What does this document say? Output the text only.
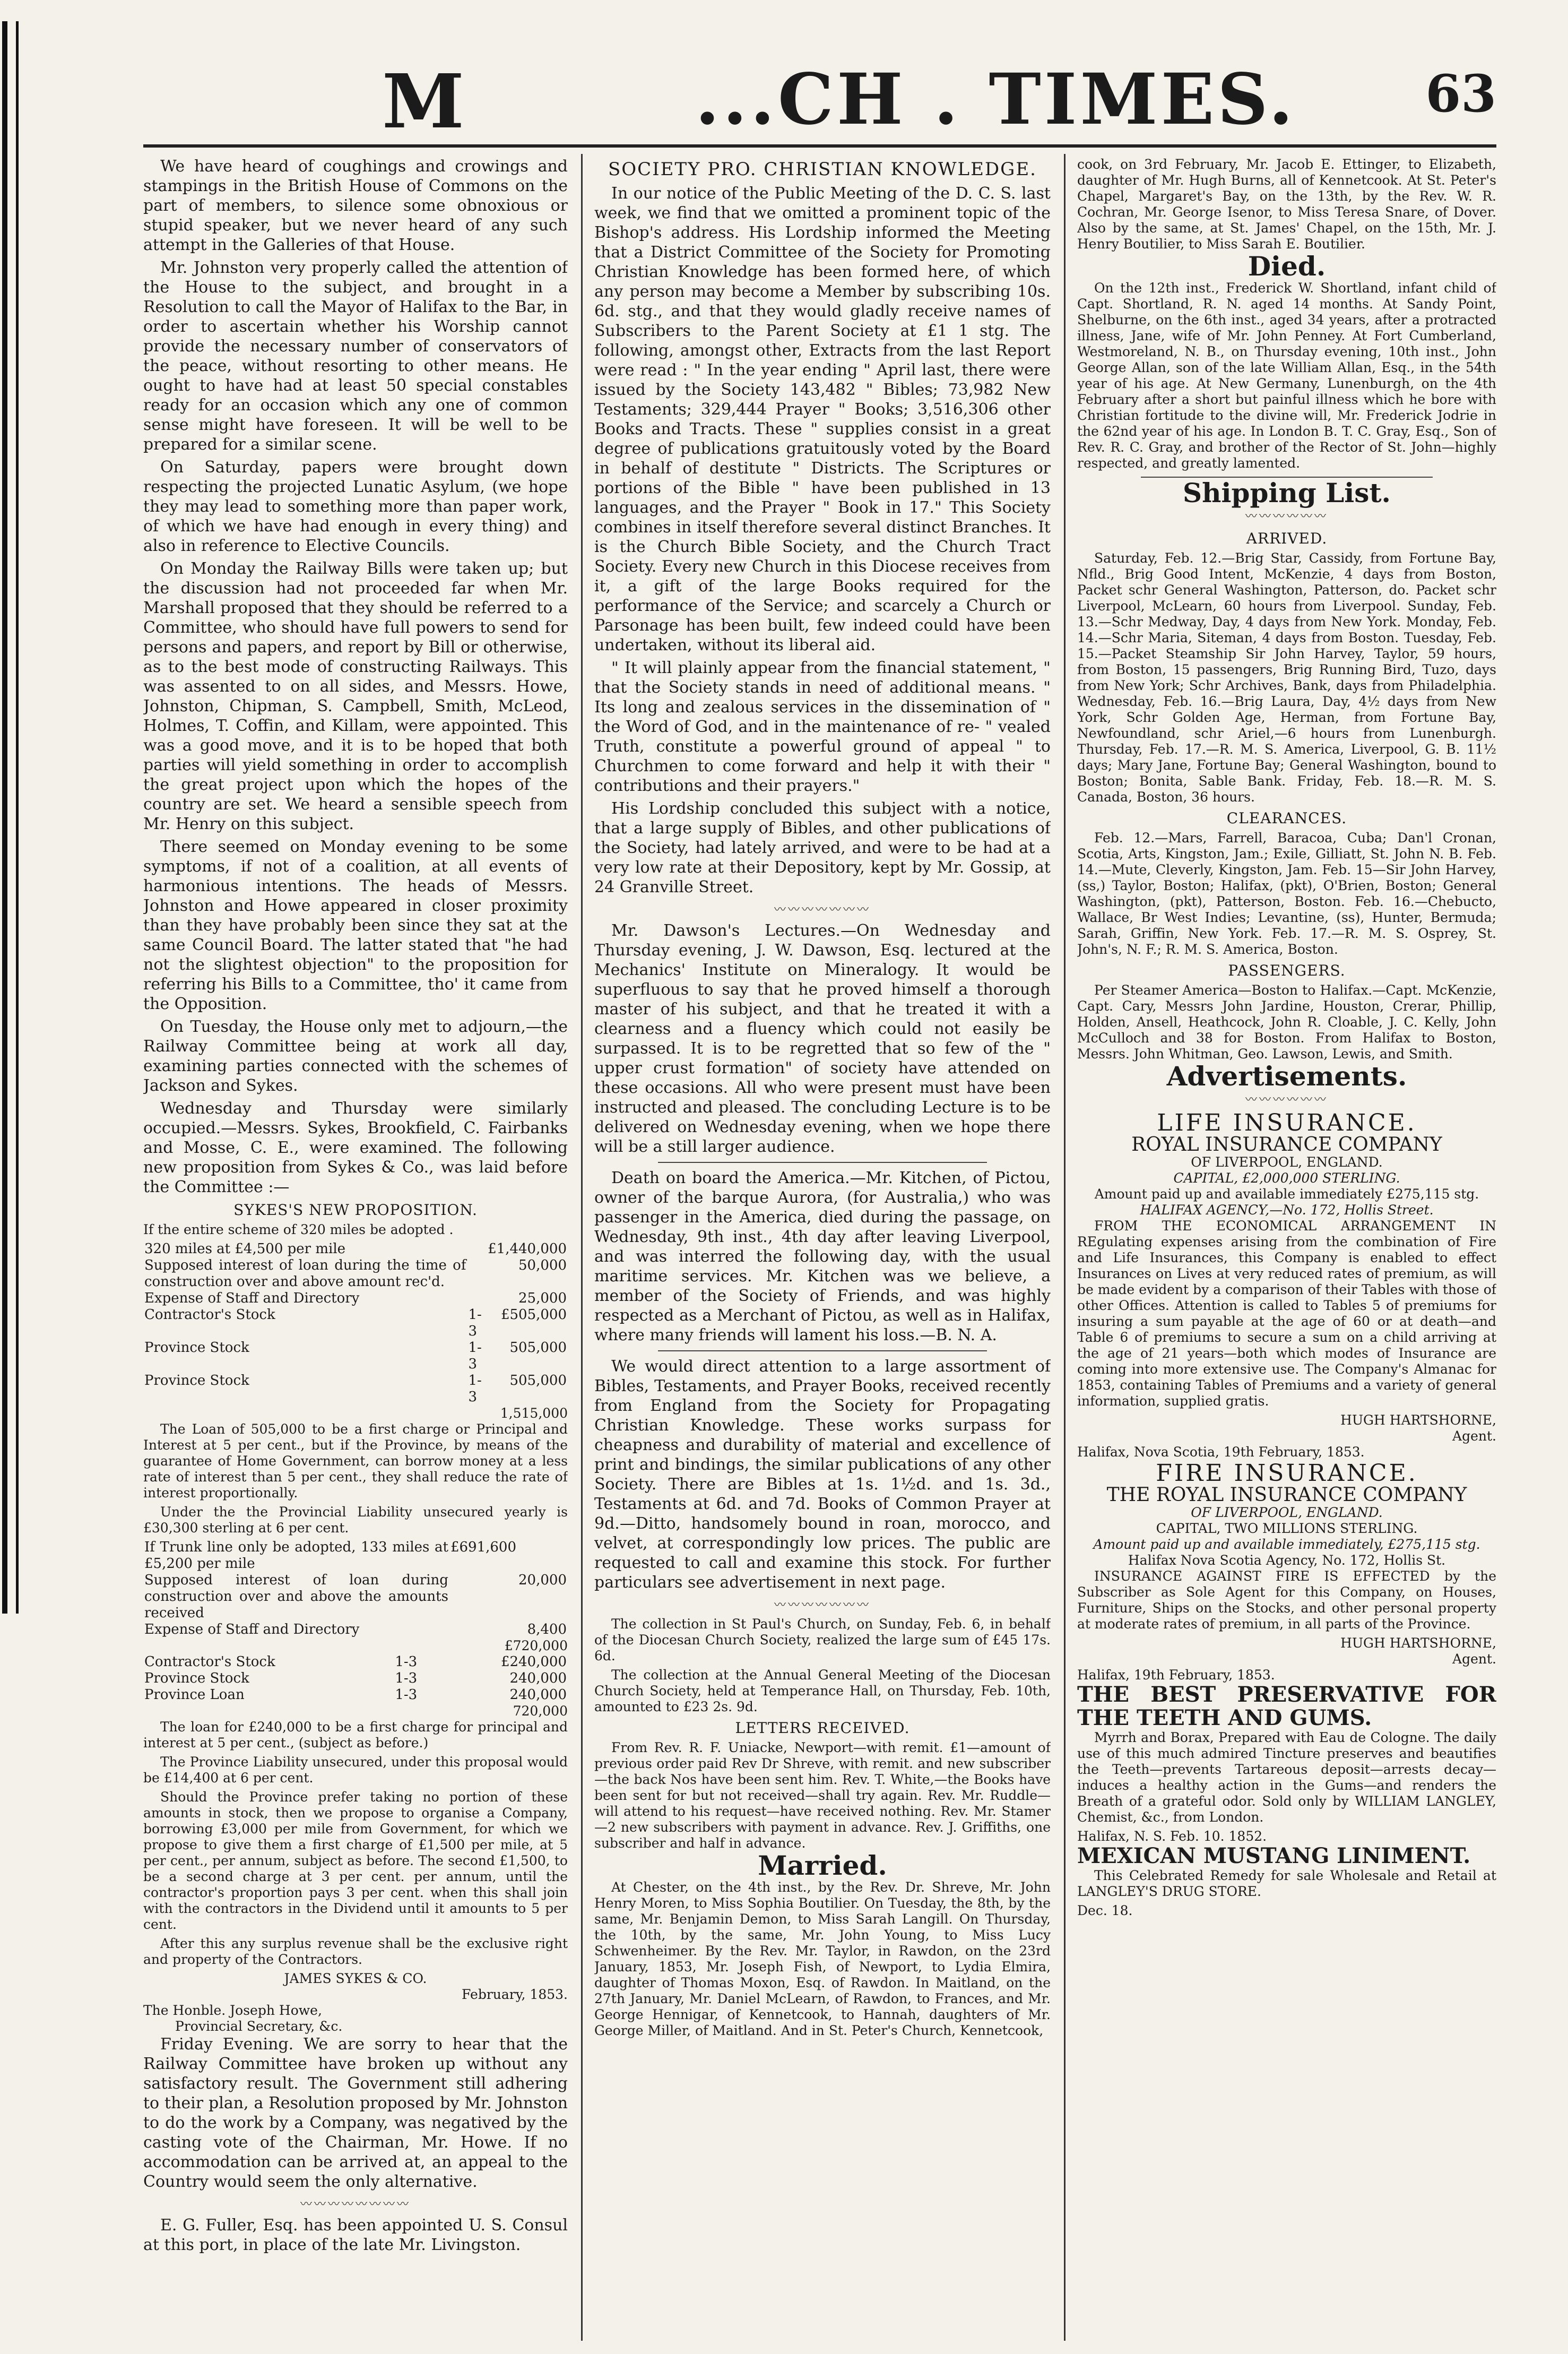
M	...CH . TIMES.	63

We have heard of coughings and crowings and stampings in the British House of Commons on the part of members, to silence some obnoxious or stupid speaker, but we never heard of any such attempt in the Galleries of that House.

Mr. Johnston very properly called the attention of the House to the subject, and brought in a Resolution to call the Mayor of Halifax to the Bar, in order to ascertain whether his Worship cannot provide the necessary number of conservators of the peace, without resorting to other means. He ought to have had at least 50 special constables ready for an occasion which any one of common sense might have foreseen. It will be well to be prepared for a similar scene.

On Saturday, papers were brought down respecting the projected Lunatic Asylum, (we hope they may lead to something more than paper work, of which we have had enough in every thing) and also in reference to Elective Councils.

On Monday the Railway Bills were taken up; but the discussion had not proceeded far when Mr. Marshall proposed that they should be referred to a Committee, who should have full powers to send for persons and papers, and report by Bill or otherwise, as to the best mode of constructing Railways. This was assented to on all sides, and Messrs. Howe, Johnston, Chipman, S. Campbell, Smith, McLeod, Holmes, T. Coffin, and Killam, were appointed. This was a good move, and it is to be hoped that both parties will yield something in order to accomplish the great project upon which the hopes of the country are set. We heard a sensible speech from Mr. Henry on this subject.

There seemed on Monday evening to be some symptoms, if not of a coalition, at all events of harmonious intentions. The heads of Messrs. Johnston and Howe appeared in closer proximity than they have probably been since they sat at the same Council Board. The latter stated that "he had not the slightest objection" to the proposition for referring his Bills to a Committee, tho' it came from the Opposition.

On Tuesday, the House only met to adjourn,—the Railway Committee being at work all day, examining parties connected with the schemes of Jackson and Sykes.

Wednesday and Thursday were similarly occupied.—Messrs. Sykes, Brookfield, C. Fairbanks and Mosse, C. E., were examined. The following new proposition from Sykes & Co., was laid before the Committee :—

SYKES'S NEW PROPOSITION.

If the entire scheme of 320 miles be adopted .

320 miles at £4,500 per mile		£1,440,000
Supposed interest of loan during the time of construction over and above amount rec'd.		50,000
Expense of Staff and Directory		25,000
Contractor's Stock	1-3	£505,000
Province Stock	1-3	505,000
Province Stock	1-3	505,000
1,515,000

The Loan of 505,000 to be a first charge or Principal and Interest at 5 per cent., but if the Province, by means of the guarantee of Home Government, can borrow money at a less rate of interest than 5 per cent., they shall reduce the rate of interest proportionally.

Under the the Provincial Liability unsecured yearly is £30,300 sterling at 6 per cent.

If Trunk line only be adopted, 133 miles at £5,200 per mile	£691,600	
Supposed interest of loan during construction over and above the amounts received		20,000
Expense of Staff and Directory		8,400
£720,000
Contractor's Stock	1-3	£240,000
Province Stock	1-3	240,000
Province Loan	1-3	240,000
720,000

The loan for £240,000 to be a first charge for principal and interest at 5 per cent., (subject as before.)

The Province Liability unsecured, under this proposal would be £14,400 at 6 per cent.

Should the Province prefer taking no portion of these amounts in stock, then we propose to organise a Company, borrowing £3,000 per mile from Government, for which we propose to give them a first charge of £1,500 per mile, at 5 per cent., per annum, subject as before. The second £1,500, to be a second charge at 3 per cent. per annum, until the contractor's proportion pays 3 per cent. when this shall join with the contractors in the Dividend until it amounts to 5 per cent.

After this any surplus revenue shall be the exclusive right and property of the Contractors.

JAMES SYKES & CO.
February, 1853.
The Honble. Joseph Howe,
Provincial Secretary, &c.

Friday Evening. We are sorry to hear that the Railway Committee have broken up without any satisfactory result. The Government still adhering to their plan, a Resolution proposed by Mr. Johnston to do the work by a Company, was negatived by the casting vote of the Chairman, Mr. Howe. If no accommodation can be arrived at, an appeal to the Country would seem the only alternative.

〰〰〰〰〰〰〰〰

E. G. Fuller, Esq. has been appointed U. S. Consul at this port, in place of the late Mr. Livingston.

SOCIETY PRO. CHRISTIAN KNOWLEDGE.

In our notice of the Public Meeting of the D. C. S. last week, we find that we omitted a prominent topic of the Bishop's address. His Lordship informed the Meeting that a District Committee of the Society for Promoting Christian Knowledge has been formed here, of which any person may become a Member by subscribing 10s. 6d. stg., and that they would gladly receive names of Subscribers to the Parent Society at £1 1 stg. The following, amongst other, Extracts from the last Report were read : " In the year ending " April last, there were issued by the Society 143,482 " Bibles; 73,982 New Testaments; 329,444 Prayer " Books; 3,516,306 other Books and Tracts. These " supplies consist in a great degree of publications gratuitously voted by the Board in behalf of destitute " Districts. The Scriptures or portions of the Bible " have been published in 13 languages, and the Prayer " Book in 17." This Society combines in itself therefore several distinct Branches. It is the Church Bible Society, and the Church Tract Society. Every new Church in this Diocese receives from it, a gift of the large Books required for the performance of the Service; and scarcely a Church or Parsonage has been built, few indeed could have been undertaken, without its liberal aid.

" It will plainly appear from the financial statement, " that the Society stands in need of additional means. " Its long and zealous services in the dissemination of " the Word of God, and in the maintenance of re- " vealed Truth, constitute a powerful ground of appeal " to Churchmen to come forward and help it with their " contributions and their prayers."

His Lordship concluded this subject with a notice, that a large supply of Bibles, and other publications of the Society, had lately arrived, and were to be had at a very low rate at their Depository, kept by Mr. Gossip, at 24 Granville Street.

〰〰〰〰〰〰〰

Mr. Dawson's Lectures.—On Wednesday and Thursday evening, J. W. Dawson, Esq. lectured at the Mechanics' Institute on Mineralogy. It would be superfluous to say that he proved himself a thorough master of his subject, and that he treated it with a clearness and a fluency which could not easily be surpassed. It is to be regretted that so few of the " upper crust formation" of society have attended on these occasions. All who were present must have been instructed and pleased. The concluding Lecture is to be delivered on Wednesday evening, when we hope there will be a still larger audience.

Death on board the America.—Mr. Kitchen, of Pictou, owner of the barque Aurora, (for Australia,) who was passenger in the America, died during the passage, on Wednesday, 9th inst., 4th day after leaving Liverpool, and was interred the following day, with the usual maritime services. Mr. Kitchen was we believe, a member of the Society of Friends, and was highly respected as a Merchant of Pictou, as well as in Halifax, where many friends will lament his loss.—B. N. A.

We would direct attention to a large assortment of Bibles, Testaments, and Prayer Books, received recently from England from the Society for Propagating Christian Knowledge. These works surpass for cheapness and durability of material and excellence of print and bindings, the similar publications of any other Society. There are Bibles at 1s. 1½d. and 1s. 3d., Testaments at 6d. and 7d. Books of Common Prayer at 9d.—Ditto, handsomely bound in roan, morocco, and velvet, at correspondingly low prices. The public are requested to call and examine this stock. For further particulars see advertisement in next page.

〰〰〰〰〰〰〰

The collection in St Paul's Church, on Sunday, Feb. 6, in behalf of the Diocesan Church Society, realized the large sum of £45 17s. 6d.

The collection at the Annual General Meeting of the Diocesan Church Society, held at Temperance Hall, on Thursday, Feb. 10th, amounted to £23 2s. 9d.

LETTERS RECEIVED.

From Rev. R. F. Uniacke, Newport—with remit. £1—amount of previous order paid Rev Dr Shreve, with remit. and new subscriber—the back Nos have been sent him. Rev. T. White,—the Books have been sent for but not received—shall try again. Rev. Mr. Ruddle—will attend to his request—have received nothing. Rev. Mr. Stamer—2 new subscribers with payment in advance. Rev. J. Griffiths, one subscriber and half in advance.

Married.

At Chester, on the 4th inst., by the Rev. Dr. Shreve, Mr. John Henry Moren, to Miss Sophia Boutilier. On Tuesday, the 8th, by the same, Mr. Benjamin Demon, to Miss Sarah Langill. On Thursday, the 10th, by the same, Mr. John Young, to Miss Lucy Schwenheimer. By the Rev. Mr. Taylor, in Rawdon, on the 23rd January, 1853, Mr. Joseph Fish, of Newport, to Lydia Elmira, daughter of Thomas Moxon, Esq. of Rawdon. In Maitland, on the 27th January, Mr. Daniel McLearn, of Rawdon, to Frances, and Mr. George Hennigar, of Kennetcook, to Hannah, daughters of Mr. George Miller, of Maitland. And in St. Peter's Church, Kennetcook,

cook, on 3rd February, Mr. Jacob E. Ettinger, to Elizabeth, daughter of Mr. Hugh Burns, all of Kennetcook. At St. Peter's Chapel, Margaret's Bay, on the 13th, by the Rev. W. R. Cochran, Mr. George Isenor, to Miss Teresa Snare, of Dover. Also by the same, at St. James' Chapel, on the 15th, Mr. J. Henry Boutilier, to Miss Sarah E. Boutilier.

Died.

On the 12th inst., Frederick W. Shortland, infant child of Capt. Shortland, R. N. aged 14 months. At Sandy Point, Shelburne, on the 6th inst., aged 34 years, after a protracted illness, Jane, wife of Mr. John Penney. At Fort Cumberland, Westmoreland, N. B., on Thursday evening, 10th inst., John George Allan, son of the late William Allan, Esq., in the 54th year of his age. At New Germany, Lunenburgh, on the 4th February after a short but painful illness which he bore with Christian fortitude to the divine will, Mr. Frederick Jodrie in the 62nd year of his age. In London B. T. C. Gray, Esq., Son of Rev. R. C. Gray, and brother of the Rector of St. John—highly respected, and greatly lamented.

Shipping List.
〰〰〰〰〰〰
ARRIVED.

Saturday, Feb. 12.—Brig Star, Cassidy, from Fortune Bay, Nfld., Brig Good Intent, McKenzie, 4 days from Boston, Packet schr General Washington, Patterson, do. Packet schr Liverpool, McLearn, 60 hours from Liverpool. Sunday, Feb. 13.—Schr Medway, Day, 4 days from New York. Monday, Feb. 14.—Schr Maria, Siteman, 4 days from Boston. Tuesday, Feb. 15.—Packet Steamship Sir John Harvey, Taylor, 59 hours, from Boston, 15 passengers, Brig Running Bird, Tuzo, days from New York; Schr Archives, Bank, days from Philadelphia. Wednesday, Feb. 16.—Brig Laura, Day, 4½ days from New York, Schr Golden Age, Herman, from Fortune Bay, Newfoundland, schr Ariel,—6 hours from Lunenburgh. Thursday, Feb. 17.—R. M. S. America, Liverpool, G. B. 11½ days; Mary Jane, Fortune Bay; General Washington, bound to Boston; Bonita, Sable Bank. Friday, Feb. 18.—R. M. S. Canada, Boston, 36 hours.

CLEARANCES.

Feb. 12.—Mars, Farrell, Baracoa, Cuba; Dan'l Cronan, Scotia, Arts, Kingston, Jam.; Exile, Gilliatt, St. John N. B. Feb. 14.—Mute, Cleverly, Kingston, Jam. Feb. 15—Sir John Harvey, (ss,) Taylor, Boston; Halifax, (pkt), O'Brien, Boston; General Washington, (pkt), Patterson, Boston. Feb. 16.—Chebucto, Wallace, Br West Indies; Levantine, (ss), Hunter, Bermuda; Sarah, Griffin, New York. Feb. 17.—R. M. S. Osprey, St. John's, N. F.; R. M. S. America, Boston.

PASSENGERS.

Per Steamer America—Boston to Halifax.—Capt. McKenzie, Capt. Cary, Messrs John Jardine, Houston, Crerar, Phillip, Holden, Ansell, Heathcock, John R. Cloable, J. C. Kelly, John McCulloch and 38 for Boston. From Halifax to Boston, Messrs. John Whitman, Geo. Lawson, Lewis, and Smith.

Advertisements.
〰〰〰〰〰〰
LIFE INSURANCE.
ROYAL INSURANCE COMPANY
OF LIVERPOOL, ENGLAND.
CAPITAL, £2,000,000 STERLING.
Amount paid up and available immediately £275,115 stg.
HALIFAX AGENCY,—No. 172, Hollis Street.

FROM THE ECONOMICAL ARRANGEMENT IN REgulating expenses arising from the combination of Fire and Life Insurances, this Company is enabled to effect Insurances on Lives at very reduced rates of premium, as will be made evident by a comparison of their Tables with those of other Offices. Attention is called to Tables 5 of premiums for insuring a sum payable at the age of 60 or at death—and Table 6 of premiums to secure a sum on a child arriving at the age of 21 years—both which modes of Insurance are coming into more extensive use. The Company's Almanac for 1853, containing Tables of Premiums and a variety of general information, supplied gratis.

HUGH HARTSHORNE,
Agent.
Halifax, Nova Scotia, 19th February, 1853.
FIRE INSURANCE.
THE ROYAL INSURANCE COMPANY
OF LIVERPOOL, ENGLAND.
CAPITAL, TWO MILLIONS STERLING.
Amount paid up and available immediately, £275,115 stg.
Halifax Nova Scotia Agency, No. 172, Hollis St.

INSURANCE AGAINST FIRE IS EFFECTED by the Subscriber as Sole Agent for this Company, on Houses, Furniture, Ships on the Stocks, and other personal property at moderate rates of premium, in all parts of the Province.

HUGH HARTSHORNE,
Agent.
Halifax, 19th February, 1853.
THE BEST PRESERVATIVE FOR THE TEETH AND GUMS.

Myrrh and Borax, Prepared with Eau de Cologne. The daily use of this much admired Tincture preserves and beautifies the Teeth—prevents Tartareous deposit—arrests decay—induces a healthy action in the Gums—and renders the Breath of a grateful odor. Sold only by WILLIAM LANGLEY, Chemist, &c., from London.

Halifax, N. S. Feb. 10. 1852.
MEXICAN MUSTANG LINIMENT.

This Celebrated Remedy for sale Wholesale and Retail at LANGLEY'S DRUG STORE.

Dec. 18.
